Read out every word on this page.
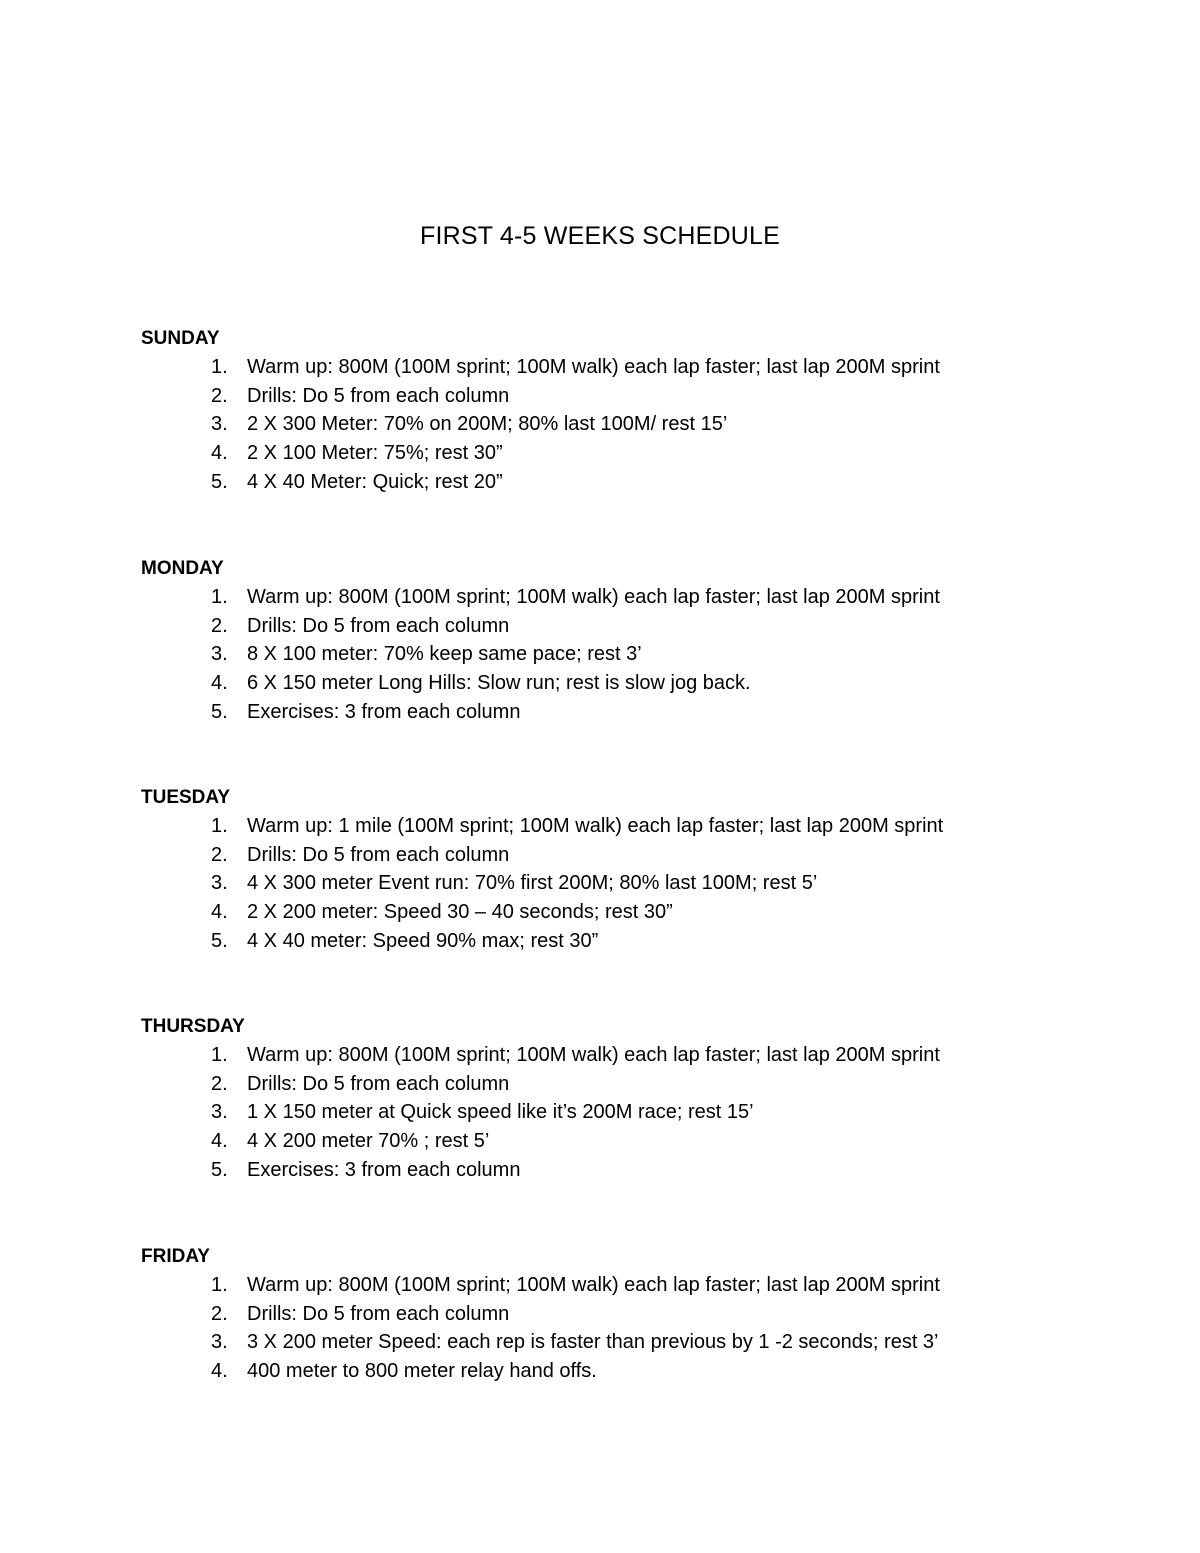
FIRST 4-5 WEEKS SCHEDULE
SUNDAY
1. Warm up: 800M (100M sprint; 100M walk) each lap faster; last lap 200M sprint
2. Drills: Do 5 from each column
3. 2 X 300 Meter: 70% on 200M; 80% last 100M/ rest 15’
4. 2 X 100 Meter: 75%; rest 30”
5. 4 X 40 Meter: Quick; rest 20”
MONDAY
1. Warm up: 800M (100M sprint; 100M walk) each lap faster; last lap 200M sprint
2. Drills: Do 5 from each column
3. 8 X 100 meter: 70% keep same pace; rest 3’
4. 6 X 150 meter Long Hills: Slow run; rest is slow jog back.
5. Exercises: 3 from each column
TUESDAY
1. Warm up: 1 mile (100M sprint; 100M walk) each lap faster; last lap 200M sprint
2. Drills: Do 5 from each column
3. 4 X 300 meter Event run: 70% first 200M; 80% last 100M; rest 5’
4. 2 X 200 meter: Speed 30 – 40 seconds; rest 30”
5. 4 X 40 meter: Speed 90% max; rest 30”
THURSDAY
1. Warm up: 800M (100M sprint; 100M walk) each lap faster; last lap 200M sprint
2. Drills: Do 5 from each column
3. 1 X 150 meter at Quick speed like it’s 200M race; rest 15’
4. 4 X 200 meter 70% ; rest 5’
5. Exercises: 3 from each column
FRIDAY
1. Warm up: 800M (100M sprint; 100M walk) each lap faster; last lap 200M sprint
2. Drills: Do 5 from each column
3. 3 X 200 meter Speed: each rep is faster than previous by 1 -2 seconds; rest 3’
4. 400 meter to 800 meter relay hand offs.
